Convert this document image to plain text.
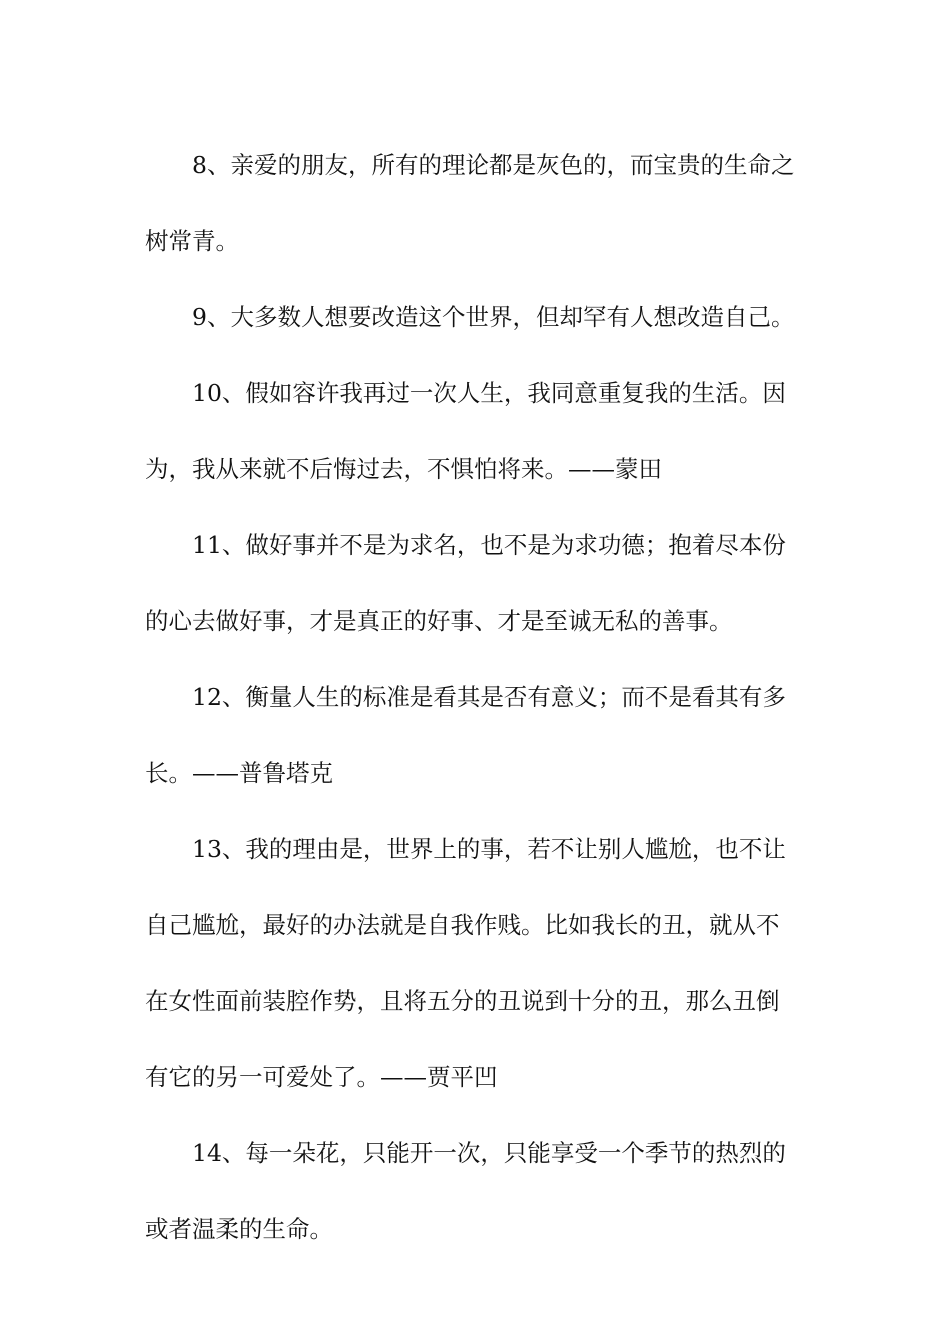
8、亲爱的朋友，所有的理论都是灰色的，而宝贵的生命之
树常青。

9、大多数人想要改造这个世界，但却罕有人想改造自己。

10、假如容许我再过一次人生，我同意重复我的生活。因
为，我从来就不后悔过去，不惧怕将来。——蒙田

11、做好事并不是为求名，也不是为求功德；抱着尽本份
的心去做好事，才是真正的好事、才是至诚无私的善事。

12、衡量人生的标准是看其是否有意义；而不是看其有多
长。——普鲁塔克

13、我的理由是，世界上的事，若不让别人尴尬，也不让
自己尴尬，最好的办法就是自我作贱。比如我长的丑，就从不
在女性面前装腔作势，且将五分的丑说到十分的丑，那么丑倒
有它的另一可爱处了。——贾平凹

14、每一朵花，只能开一次，只能享受一个季节的热烈的
或者温柔的生命。
